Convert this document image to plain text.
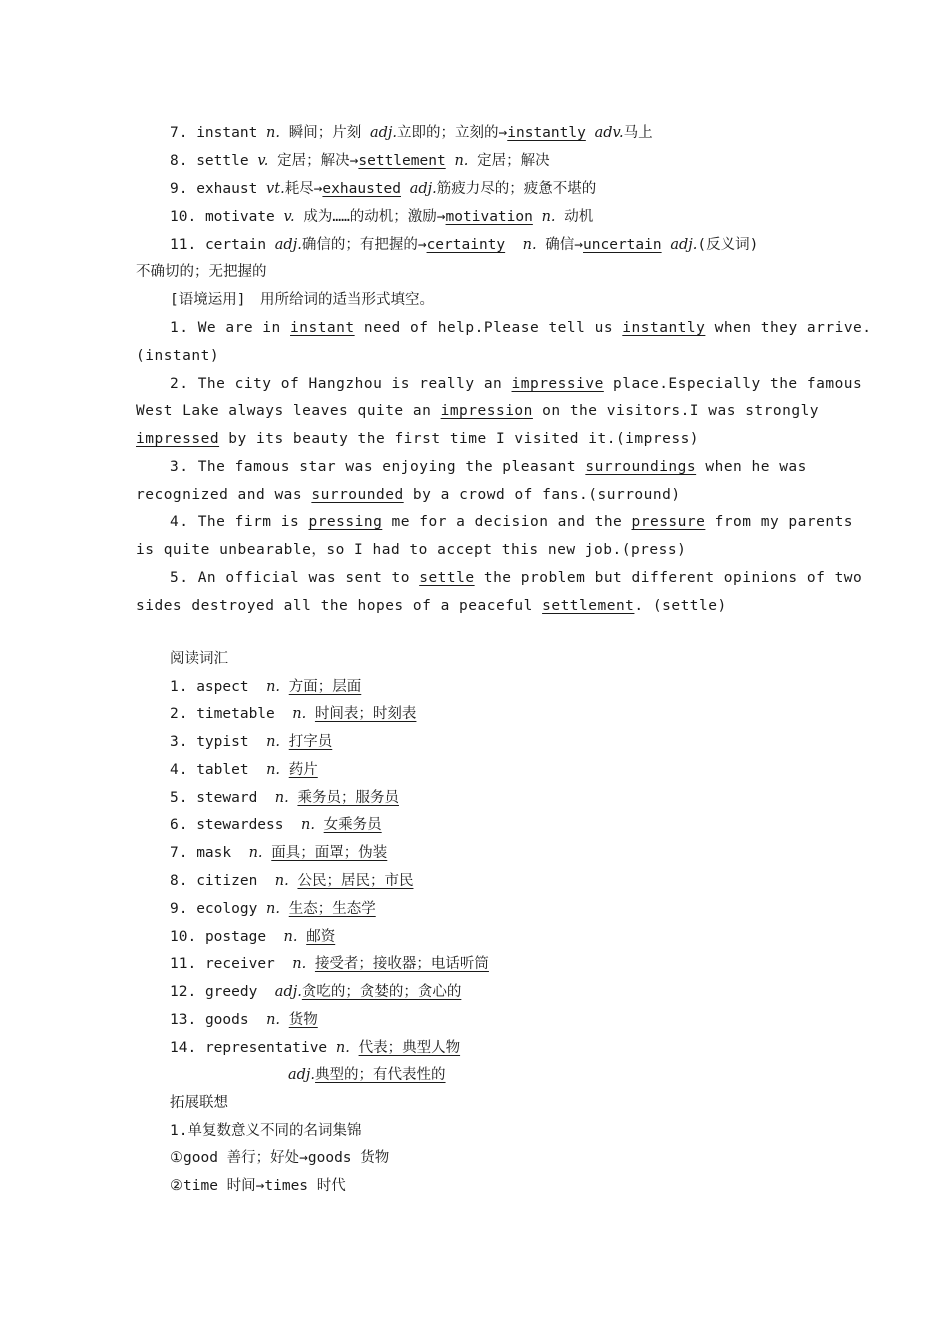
7. instant n. 瞬间；片刻 adj.立即的；立刻的→instantly adv.马上
8. settle v. 定居；解决→settlement n. 定居；解决
9. exhaust vt.耗尽→exhausted adj.筋疲力尽的；疲惫不堪的
10. motivate v. 成为……的动机；激励→motivation n. 动机
11. certain adj.确信的；有把握的→certainty n. 确信→uncertain adj.(反义词)
不确切的；无把握的
[语境运用]　用所给词的适当形式填空。
1. We are in instant need of help.Please tell us instantly when they arrive.
(instant)
2. The city of Hangzhou is really an impressive place.Especially the famous
West Lake always leaves quite an impression on the visitors.I was strongly
impressed by its beauty the first time I visited it.(impress)
3. The famous star was enjoying the pleasant surroundings when he was
recognized and was surrounded by a crowd of fans.(surround)
4. The firm is pressing me for a decision and the pressure from my parents
is quite unbearable，so I had to accept this new job.(press)
5. An official was sent to settle the problem but different opinions of two
sides destroyed all the hopes of a peaceful settlement. (settle)
阅读词汇
1. aspect n. 方面；层面
2. timetable n. 时间表；时刻表
3. typist n. 打字员
4. tablet n. 药片
5. steward n. 乘务员；服务员
6. stewardess n. 女乘务员
7. mask n. 面具；面罩；伪装
8. citizen n. 公民；居民；市民
9. ecology n. 生态；生态学
10. postage n. 邮资
11. receiver n. 接受者；接收器；电话听筒
12. greedy adj.贪吃的；贪婪的；贪心的
13. goods n. 货物
14. representative n. 代表；典型人物
adj.典型的；有代表性的
拓展联想
1.单复数意义不同的名词集锦
①good 善行；好处→goods 货物
②time 时间→times 时代
